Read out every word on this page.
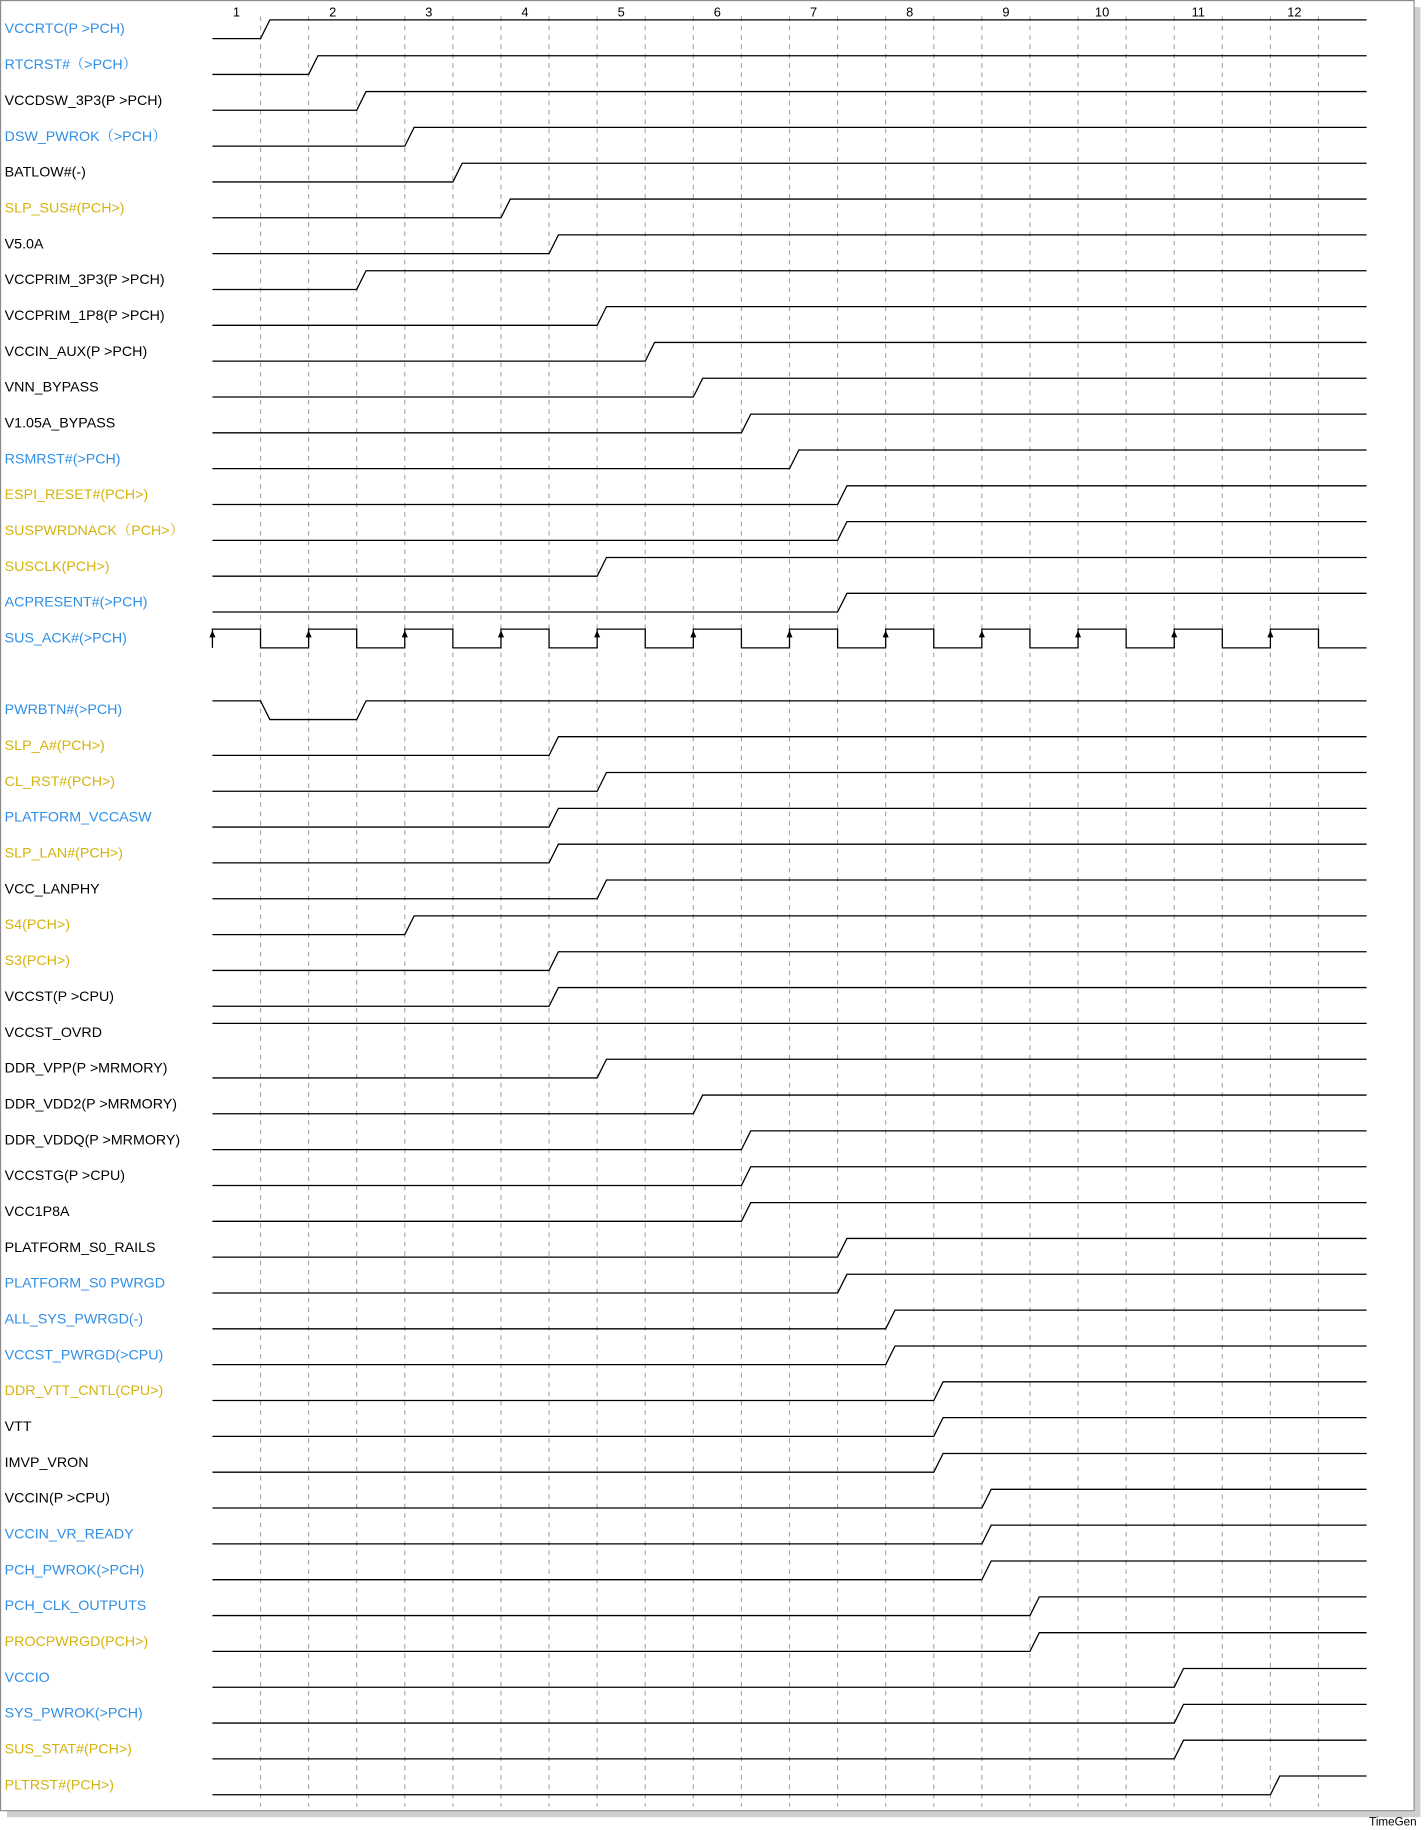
1	2	3	4	5	6	7	8	9	10	11	12
VCCRTC(P >PCH)
RTCRST#（>PCH）
VCCDSW_3P3(P >PCH)
DSW_PWROK（>PCH）
BATLOW#(-)
SLP_SUS#(PCH>)
V5.0A
VCCPRIM_3P3(P >PCH)
VCCPRIM_1P8(P >PCH)
VCCIN_AUX(P >PCH)
VNN_BYPASS
V1.05A_BYPASS
RSMRST#(>PCH)
ESPI_RESET#(PCH>)
SUSPWRDNACK（PCH>）
SUSCLK(PCH>)
ACPRESENT#(>PCH)
SUS_ACK#(>PCH)
PWRBTN#(>PCH)
SLP_A#(PCH>)
CL_RST#(PCH>)
PLATFORM_VCCASW
SLP_LAN#(PCH>)
VCC_LANPHY
S4(PCH>)
S3(PCH>)
VCCST(P >CPU)
VCCST_OVRD
DDR_VPP(P >MRMORY)
DDR_VDD2(P >MRMORY)
DDR_VDDQ(P >MRMORY)
VCCSTG(P >CPU)
VCC1P8A
PLATFORM_S0_RAILS
PLATFORM_S0 PWRGD
ALL_SYS_PWRGD(-)
VCCST_PWRGD(>CPU)
DDR_VTT_CNTL(CPU>)
VTT
IMVP_VRON
VCCIN(P >CPU)
VCCIN_VR_READY
PCH_PWROK(>PCH)
PCH_CLK_OUTPUTS
PROCPWRGD(PCH>)
VCCIO
SYS_PWROK(>PCH)
SUS_STAT#(PCH>)
PLTRST#(PCH>)
TimeGen
